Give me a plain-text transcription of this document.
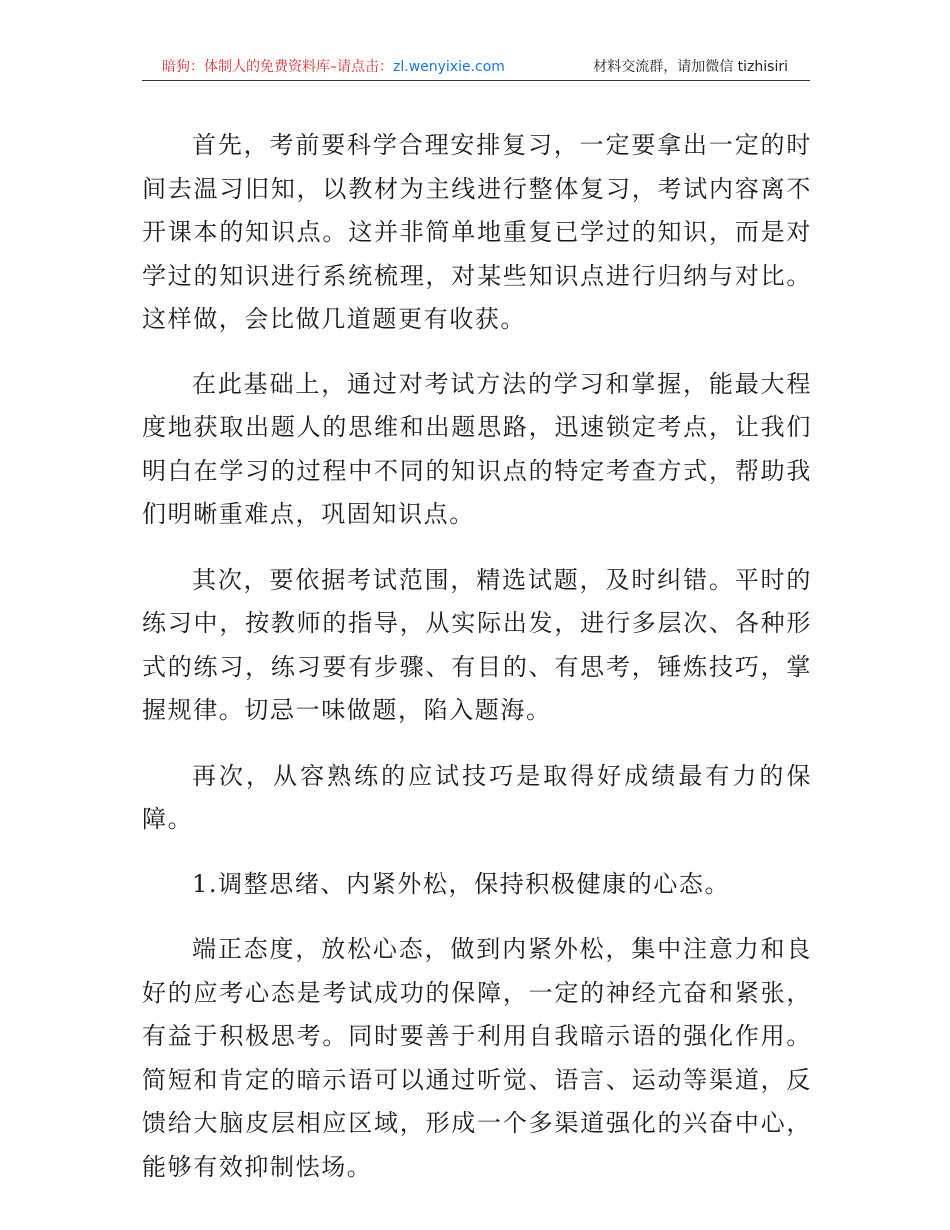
暗狗：体制人的免费资料库–请点击：zl.wenyixie.com	材料交流群，请加微信 tizhisiri

首先，考前要科学合理安排复习，一定要拿出一定的时间去温习旧知，以教材为主线进行整体复习，考试内容离不开课本的知识点。这并非简单地重复已学过的知识，而是对学过的知识进行系统梳理，对某些知识点进行归纳与对比。这样做，会比做几道题更有收获。

在此基础上，通过对考试方法的学习和掌握，能最大程度地获取出题人的思维和出题思路，迅速锁定考点，让我们明白在学习的过程中不同的知识点的特定考查方式，帮助我们明晰重难点，巩固知识点。

其次，要依据考试范围，精选试题，及时纠错。平时的练习中，按教师的指导，从实际出发，进行多层次、各种形式的练习，练习要有步骤、有目的、有思考，锤炼技巧，掌握规律。切忌一味做题，陷入题海。

再次，从容熟练的应试技巧是取得好成绩最有力的保障。

1.调整思绪、内紧外松，保持积极健康的心态。

端正态度，放松心态，做到内紧外松，集中注意力和良好的应考心态是考试成功的保障，一定的神经亢奋和紧张，有益于积极思考。同时要善于利用自我暗示语的强化作用。简短和肯定的暗示语可以通过听觉、语言、运动等渠道，反馈给大脑皮层相应区域，形成一个多渠道强化的兴奋中心，能够有效抑制怯场。
